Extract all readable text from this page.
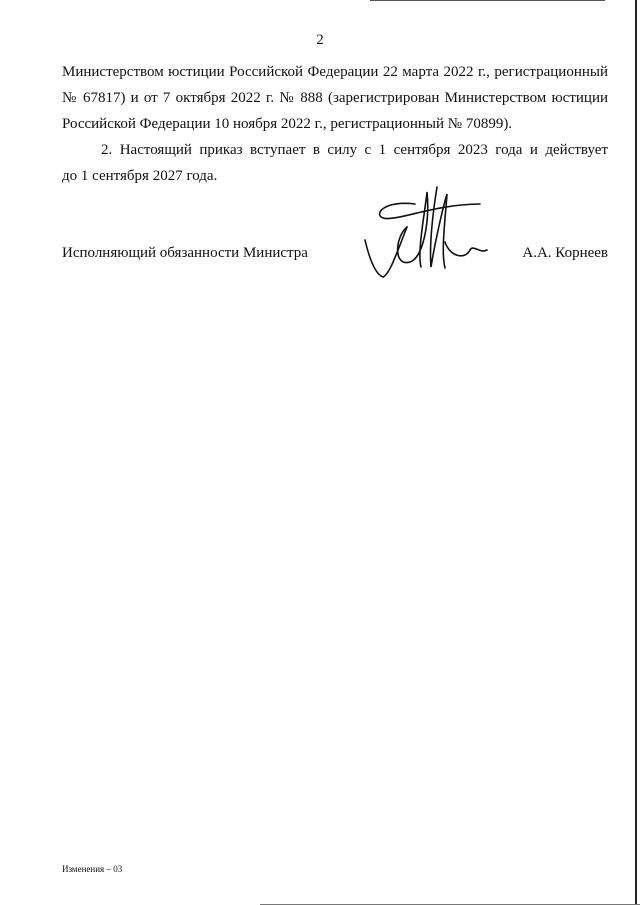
2
Министерством юстиции Российской Федерации 22 марта 2022 г., регистрационный
№ 67817) и от 7 октября 2022 г. № 888 (зарегистрирован Министерством юстиции
Российской Федерации 10 ноября 2022 г., регистрационный № 70899).
2. Настоящий приказ вступает в силу с 1 сентября 2023 года и действует
до 1 сентября 2027 года.
Исполняющий обязанности Министра	А.А. Корнеев
Изменения – 03
